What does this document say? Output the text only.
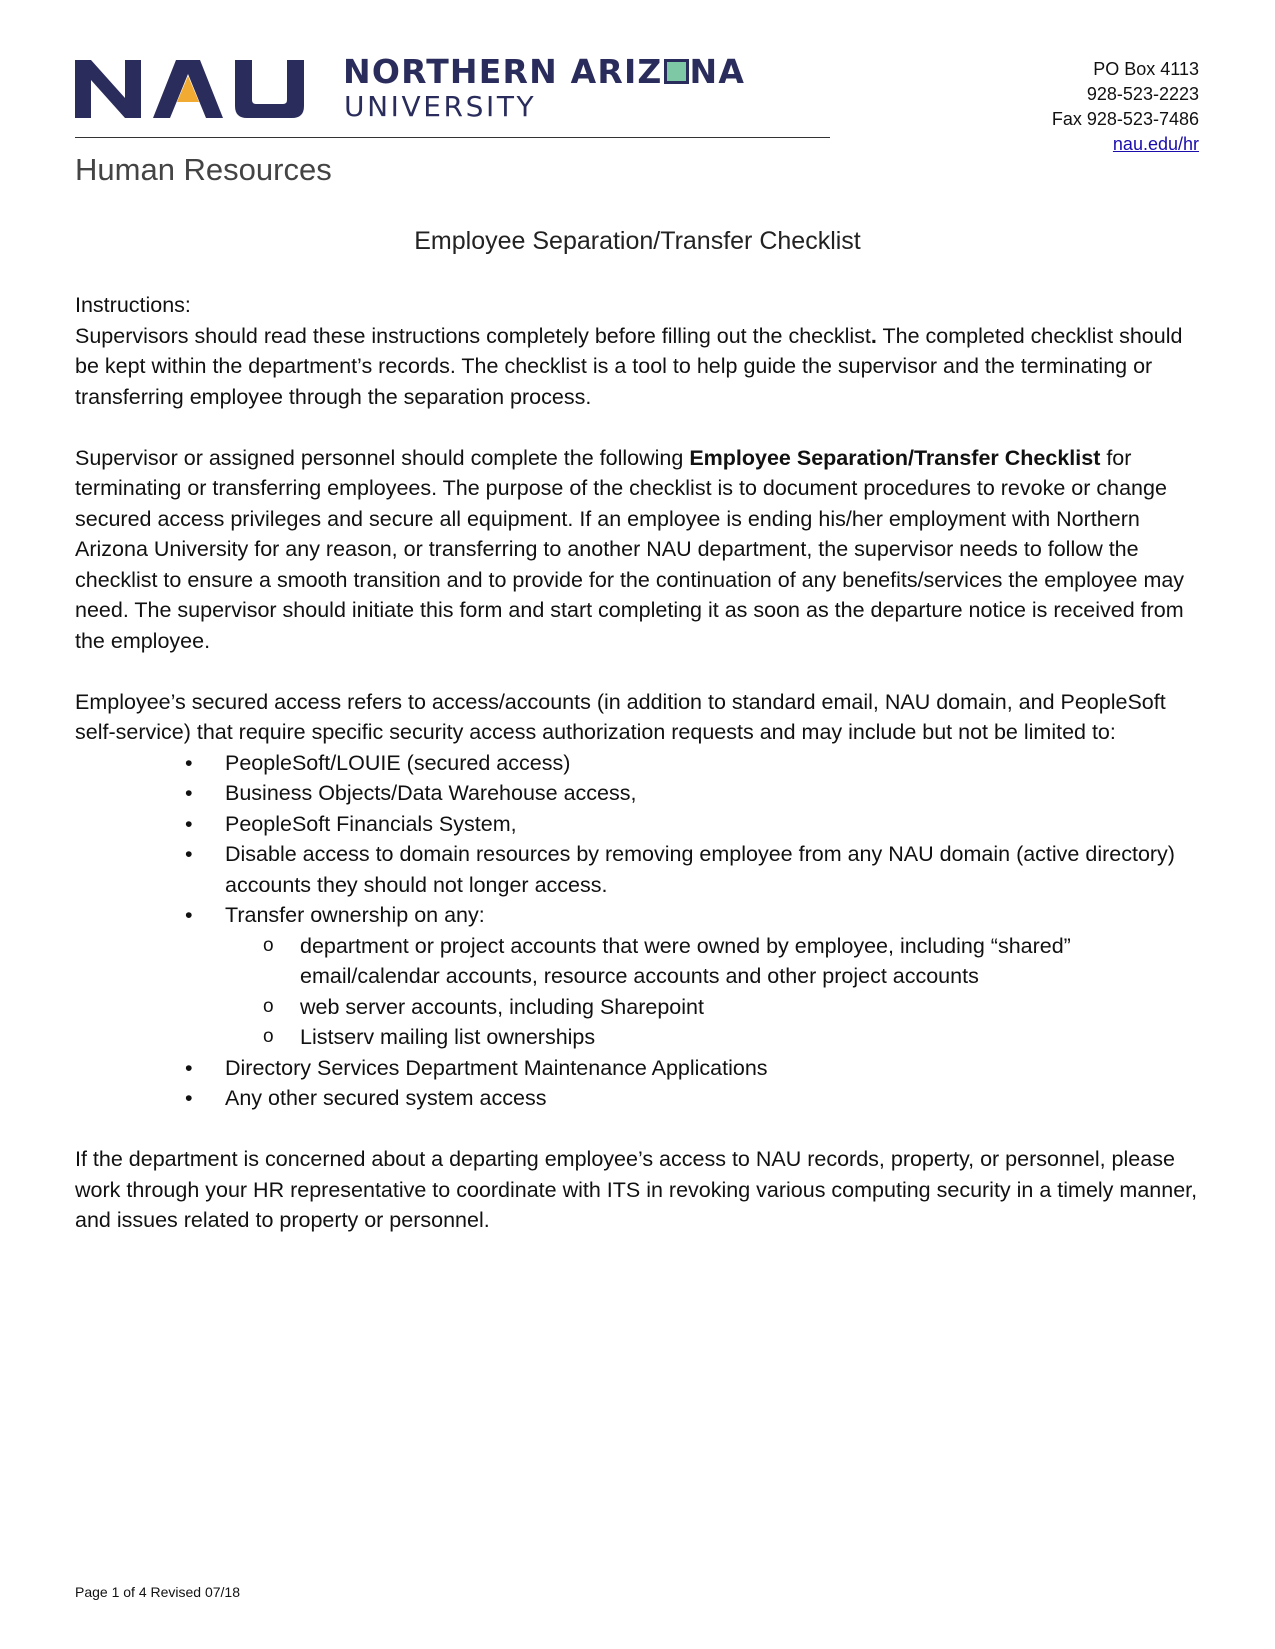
NORTHERN ARIZ NA
UNIVERSITY
Human Resources
PO Box 4113
928-523-2223
Fax 928-523-7486
nau.edu/hr
Employee Separation/Transfer Checklist

Instructions:

Supervisors should read these instructions completely before filling out the checklist. The completed checklist should be kept within the department’s records. The checklist is a tool to help guide the supervisor and the terminating or transferring employee through the separation process.

Supervisor or assigned personnel should complete the following Employee Separation/Transfer Checklist for terminating or transferring employees. The purpose of the checklist is to document procedures to revoke or change secured access privileges and secure all equipment. If an employee is ending his/her employment with Northern Arizona University for any reason, or transferring to another NAU department, the supervisor needs to follow the checklist to ensure a smooth transition and to provide for the continuation of any benefits/services the employee may need. The supervisor should initiate this form and start completing it as soon as the departure notice is received from the employee.

Employee’s secured access refers to access/accounts (in addition to standard email, NAU domain, and PeopleSoft self-service) that require specific security access authorization requests and may include but not be limited to:

• PeopleSoft/LOUIE (secured access)
• Business Objects/Data Warehouse access,
• PeopleSoft Financials System,
• Disable access to domain resources by removing employee from any NAU domain (active directory) accounts they should not longer access.
• Transfer ownership on any:
o department or project accounts that were owned by employee, including “shared” email/calendar accounts, resource accounts and other project accounts
o web server accounts, including Sharepoint
o Listserv mailing list ownerships
• Directory Services Department Maintenance Applications
• Any other secured system access

If the department is concerned about a departing employee’s access to NAU records, property, or personnel, please work through your HR representative to coordinate with ITS in revoking various computing security in a timely manner, and issues related to property or personnel.

Page 1 of 4 Revised 07/18
